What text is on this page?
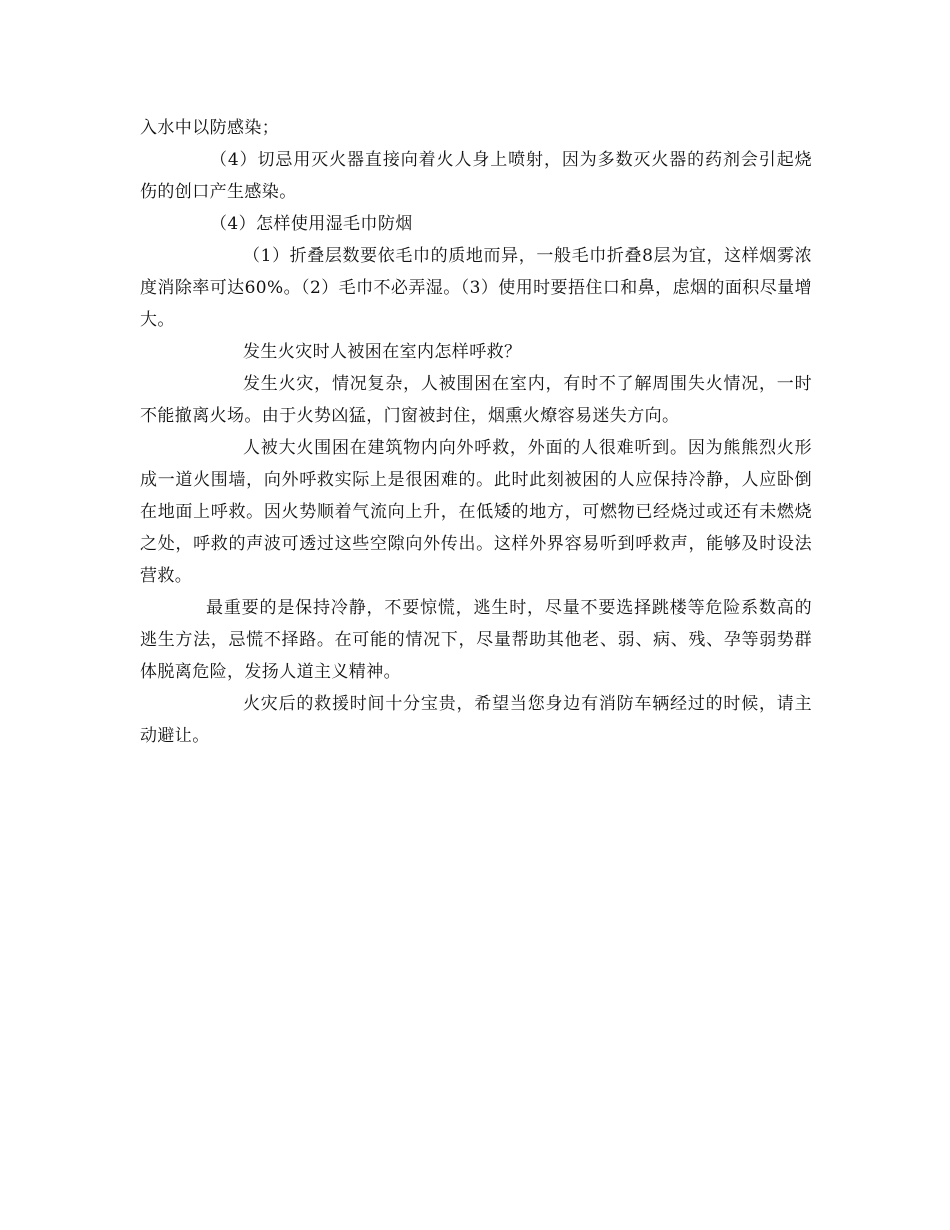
入水中以防感染；

（4）切忌用灭火器直接向着火人身上喷射，因为多数灭火器的药剂会引起烧伤的创口产生感染。

（4）怎样使用湿毛巾防烟

（1）折叠层数要依毛巾的质地而异，一般毛巾折叠8层为宜，这样烟雾浓度消除率可达60%。（2）毛巾不必弄湿。（3）使用时要捂住口和鼻，虑烟的面积尽量增大。

发生火灾时人被困在室内怎样呼救？

发生火灾，情况复杂，人被围困在室内，有时不了解周围失火情况，一时不能撤离火场。由于火势凶猛，门窗被封住，烟熏火燎容易迷失方向。

人被大火围困在建筑物内向外呼救，外面的人很难听到。因为熊熊烈火形成一道火围墙，向外呼救实际上是很困难的。此时此刻被困的人应保持冷静，人应卧倒在地面上呼救。因火势顺着气流向上升，在低矮的地方，可燃物已经烧过或还有未燃烧之处，呼救的声波可透过这些空隙向外传出。这样外界容易听到呼救声，能够及时设法营救。

最重要的是保持冷静，不要惊慌，逃生时，尽量不要选择跳楼等危险系数高的逃生方法，忌慌不择路。在可能的情况下，尽量帮助其他老、弱、病、残、孕等弱势群体脱离危险，发扬人道主义精神。

火灾后的救援时间十分宝贵，希望当您身边有消防车辆经过的时候，请主动避让。
